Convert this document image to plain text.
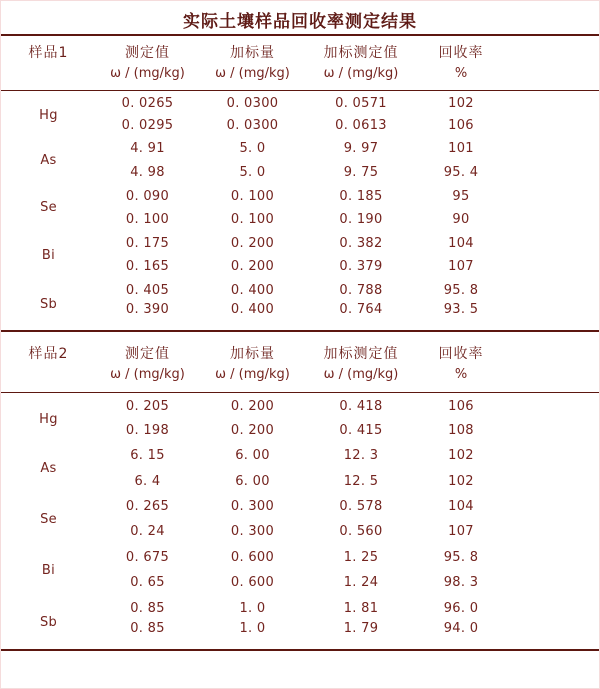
实际土壤样品回收率测定结果
样品1	测定值	加标量	加标测定值	回收率
	ω / (mg/kg)	ω / (mg/kg)	ω / (mg/kg)	%
Hg	0. 0265	0. 0300	0. 0571	102
	0. 0295	0. 0300	0. 0613	106
As	4. 91	5. 0	9. 97	101
	4. 98	5. 0	9. 75	95. 4
Se	0. 090	0. 100	0. 185	95
	0. 100	0. 100	0. 190	90
Bi	0. 175	0. 200	0. 382	104
	0. 165	0. 200	0. 379	107
Sb	0. 405	0. 400	0. 788	95. 8
	0. 390	0. 400	0. 764	93. 5
样品2	测定值	加标量	加标测定值	回收率
	ω / (mg/kg)	ω / (mg/kg)	ω / (mg/kg)	%
Hg	0. 205	0. 200	0. 418	106
	0. 198	0. 200	0. 415	108
As	6. 15	6. 00	12. 3	102
	6. 4	6. 00	12. 5	102
Se	0. 265	0. 300	0. 578	104
	0. 24	0. 300	0. 560	107
Bi	0. 675	0. 600	1. 25	95. 8
	0. 65	0. 600	1. 24	98. 3
Sb	0. 85	1. 0	1. 81	96. 0
	0. 85	1. 0	1. 79	94. 0
